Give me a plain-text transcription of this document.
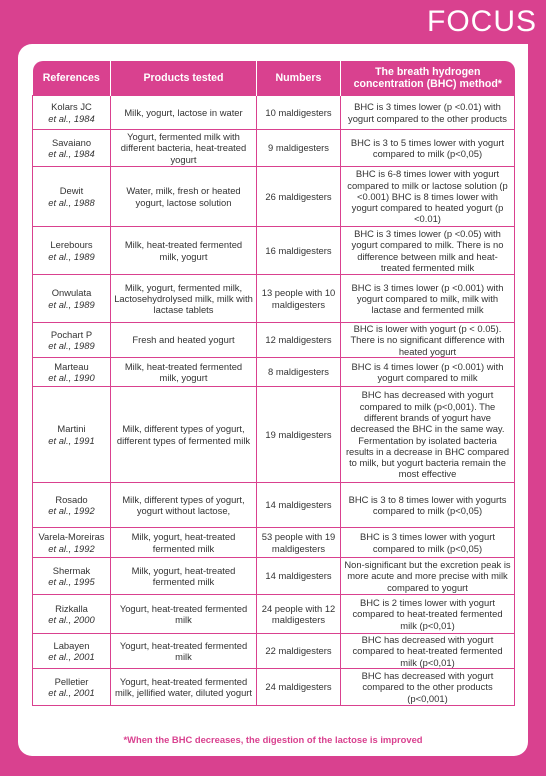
FOCUS
References	Products tested	Numbers	The breath hydrogen concentration (BHC) method*

Kolars JC
et al., 1984	Milk, yogurt, lactose in water	10 maldigesters	BHC is 3 times lower (p <0.01) with yogurt compared to the other products

Savaiano
et al., 1984	Yogurt, fermented milk with different bacteria, heat-treated yogurt	9 maldigesters	BHC is 3 to 5 times lower with yogurt compared to milk (p<0,05)

Dewit
et al., 1988	Water, milk, fresh or heated yogurt, lactose solution	26 maldigesters	BHC is 6-8 times lower with yogurt compared to milk or lactose solution (p <0.001) BHC is 8 times lower with yogurt compared to heated yogurt (p <0.01)

Lerebours
et al., 1989	Milk, heat-treated fermented milk, yogurt	16 maldigesters	BHC is 3 times lower (p <0.05) with yogurt compared to milk. There is no difference between milk and heat-treated fermented milk

Onwulata
et al., 1989	Milk, yogurt, fermented milk, Lactosehydrolysed milk, milk with lactase tablets	13 people with 10 maldigesters	BHC is 3 times lower (p <0.001) with yogurt compared to milk, milk with lactase and fermented milk

Pochart P
et al., 1989	Fresh and heated yogurt	12 maldigesters	BHC is lower with yogurt (p < 0.05). There is no significant difference with heated yogurt

Marteau
et al., 1990	Milk, heat-treated fermented milk, yogurt	8 maldigesters	BHC is 4 times lower (p <0.001) with yogurt compared to milk

Martini
et al., 1991	Milk, different types of yogurt, different types of fermented milk	19 maldigesters	BHC has decreased with yogurt compared to milk (p<0,001). The different brands of yogurt have decreased the BHC in the same way. Fermentation by isolated bacteria results in a decrease in BHC compared to milk, but yogurt bacteria remain the most effective

Rosado
et al., 1992	Milk, different types of yogurt, yogurt without lactose,	14 maldigesters	BHC is 3 to 8 times lower with yogurts compared to milk (p<0,05)

Varela-Moreiras
et al., 1992	Milk, yogurt, heat-treated fermented milk	53 people with 19 maldigesters	BHC is 3 times lower with yogurt compared to milk (p<0,05)

Shermak
et al., 1995	Milk, yogurt, heat-treated fermented milk	14 maldigesters	Non-significant but the excretion peak is more acute and more precise with milk compared to yogurt

Rizkalla
et al., 2000	Yogurt, heat-treated fermented milk	24 people with 12 maldigesters	BHC is 2 times lower with yogurt compared to heat-treated fermented milk (p<0,01)

Labayen
et al., 2001	Yogurt, heat-treated fermented milk	22 maldigesters	BHC has decreased with yogurt compared to heat-treated fermented milk (p<0,01)

Pelletier
et al., 2001	Yogurt, heat-treated fermented milk, jellified water, diluted yogurt	24 maldigesters	BHC has decreased with yogurt compared to the other products (p<0,001)
*When the BHC decreases, the digestion of the lactose is improved
